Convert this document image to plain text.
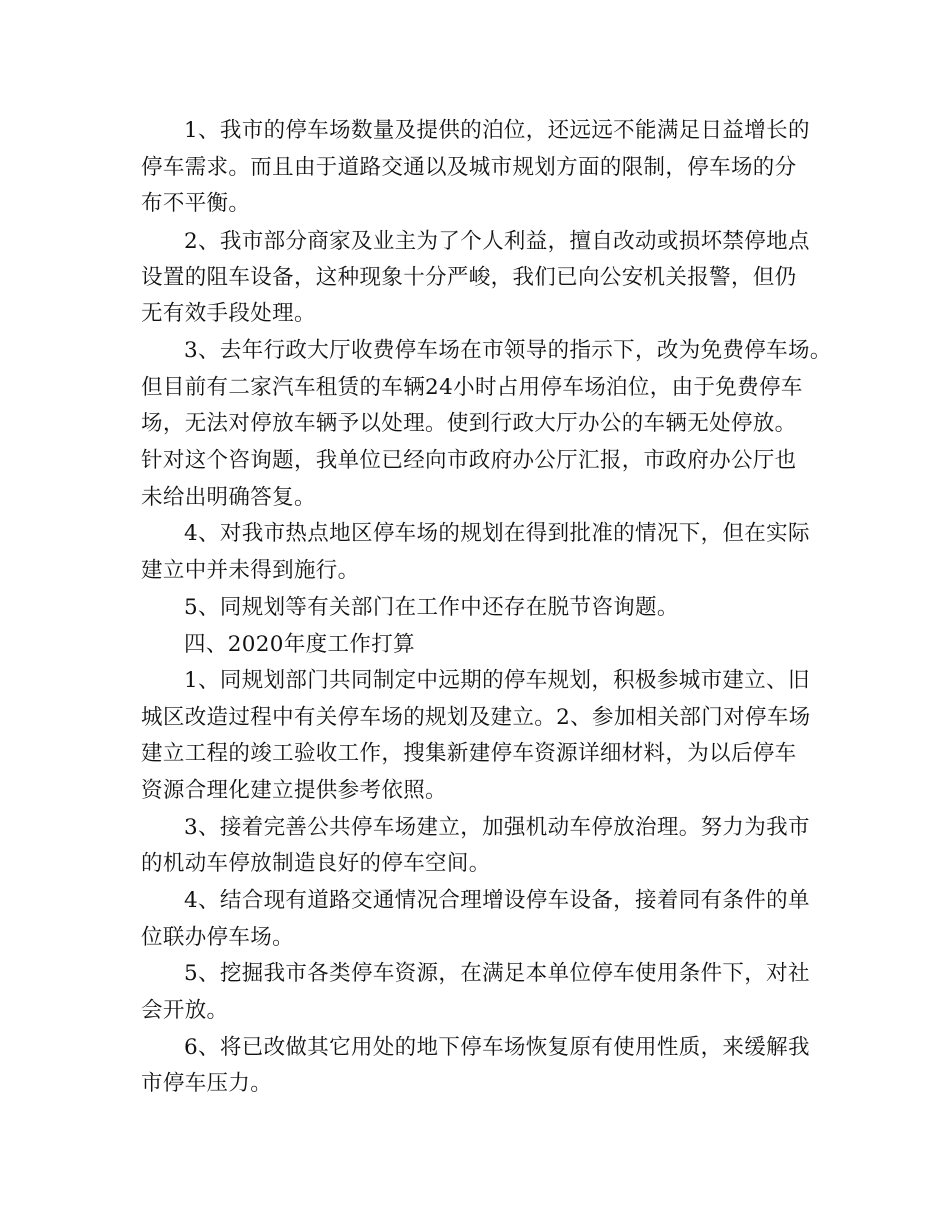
1、我市的停车场数量及提供的泊位，还远远不能满足日益增长的
停车需求。而且由于道路交通以及城市规划方面的限制，停车场的分
布不平衡。
2、我市部分商家及业主为了个人利益，擅自改动或损坏禁停地点
设置的阻车设备，这种现象十分严峻，我们已向公安机关报警，但仍
无有效手段处理。
3、去年行政大厅收费停车场在市领导的指示下，改为免费停车场。
但目前有二家汽车租赁的车辆24小时占用停车场泊位，由于免费停车
场，无法对停放车辆予以处理。使到行政大厅办公的车辆无处停放。
针对这个咨询题，我单位已经向市政府办公厅汇报，市政府办公厅也
未给出明确答复。
4、对我市热点地区停车场的规划在得到批准的情况下，但在实际
建立中并未得到施行。
5、同规划等有关部门在工作中还存在脱节咨询题。
四、2020年度工作打算
1、同规划部门共同制定中远期的停车规划，积极参城市建立、旧
城区改造过程中有关停车场的规划及建立。2、参加相关部门对停车场
建立工程的竣工验收工作，搜集新建停车资源详细材料，为以后停车
资源合理化建立提供参考依照。
3、接着完善公共停车场建立，加强机动车停放治理。努力为我市
的机动车停放制造良好的停车空间。
4、结合现有道路交通情况合理增设停车设备，接着同有条件的单
位联办停车场。
5、挖掘我市各类停车资源，在满足本单位停车使用条件下，对社
会开放。
6、将已改做其它用处的地下停车场恢复原有使用性质，来缓解我
市停车压力。
